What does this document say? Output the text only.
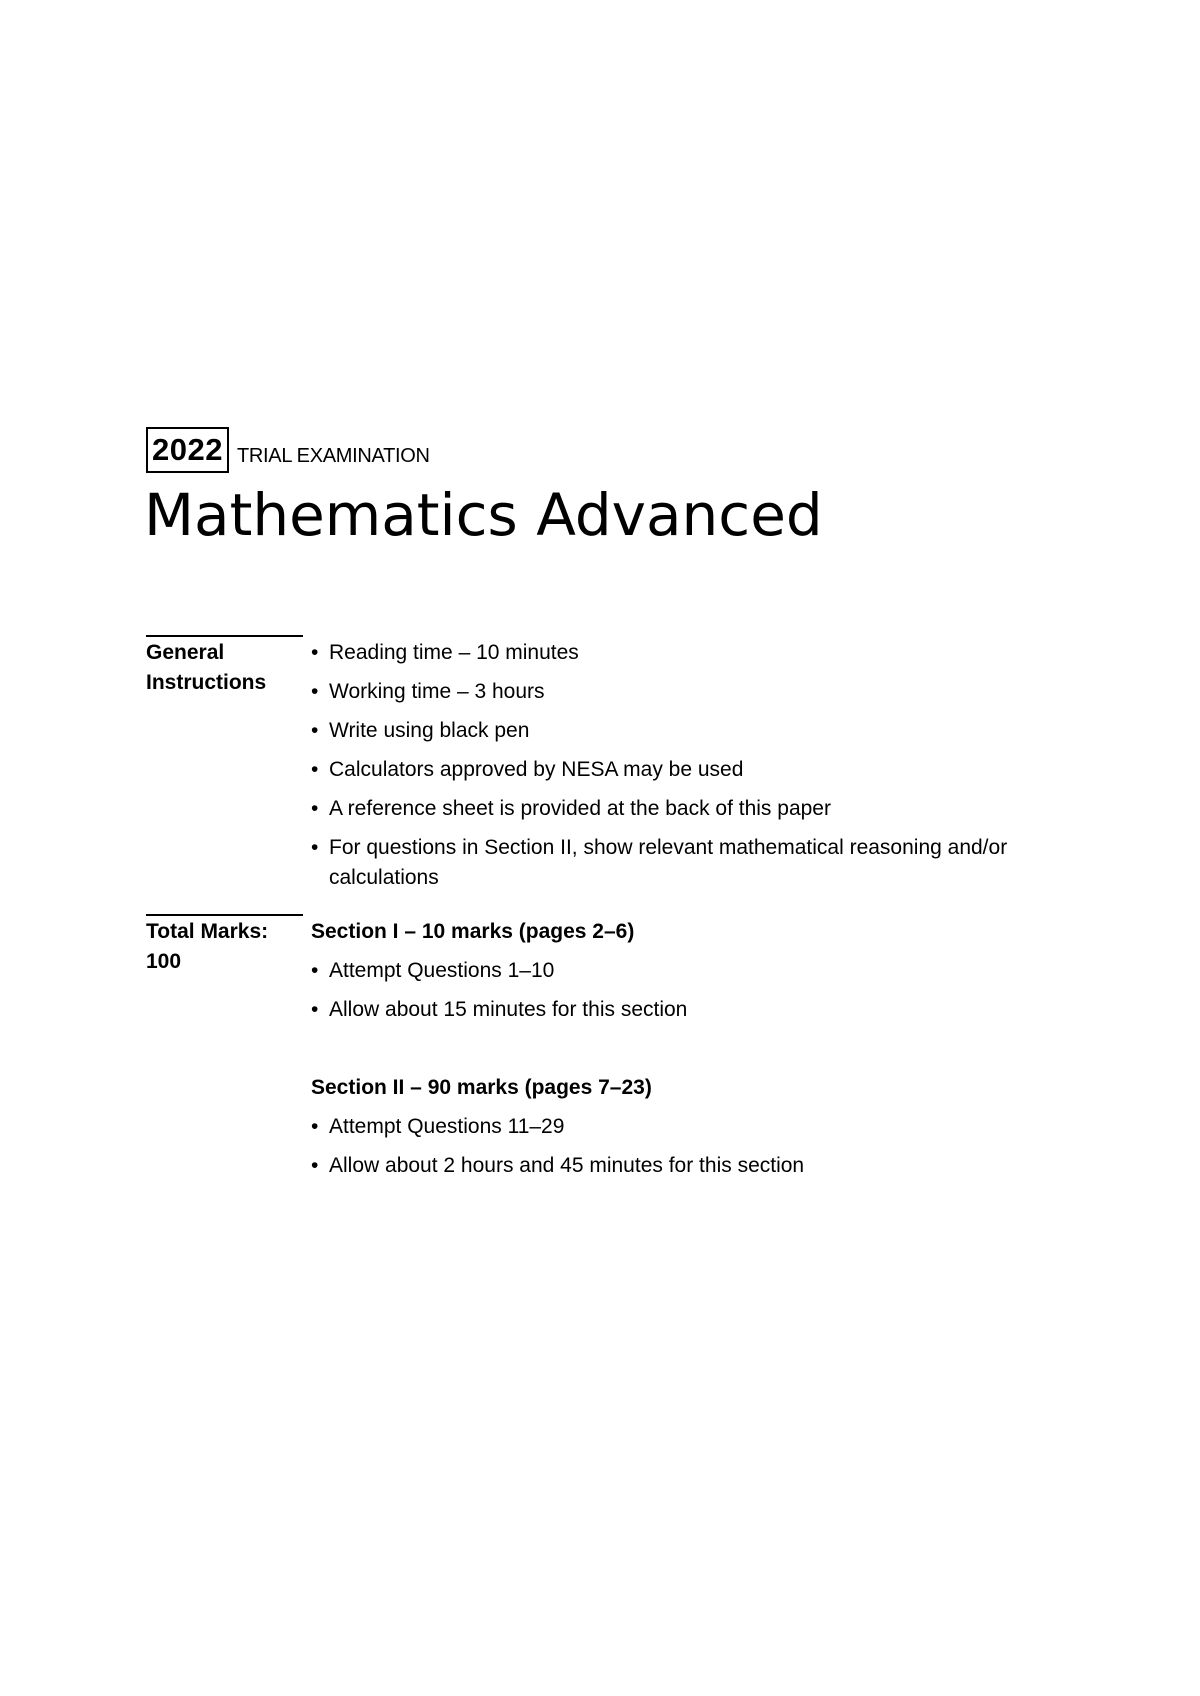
2022 TRIAL EXAMINATION
Mathematics Advanced
General
Instructions
• Reading time – 10 minutes
• Working time – 3 hours
• Write using black pen
• Calculators approved by NESA may be used
• A reference sheet is provided at the back of this paper
• For questions in Section II, show relevant mathematical reasoning and/or calculations
Total Marks:
100
Section I – 10 marks (pages 2–6)
• Attempt Questions 1–10
• Allow about 15 minutes for this section
Section II – 90 marks (pages 7–23)
• Attempt Questions 11–29
• Allow about 2 hours and 45 minutes for this section
